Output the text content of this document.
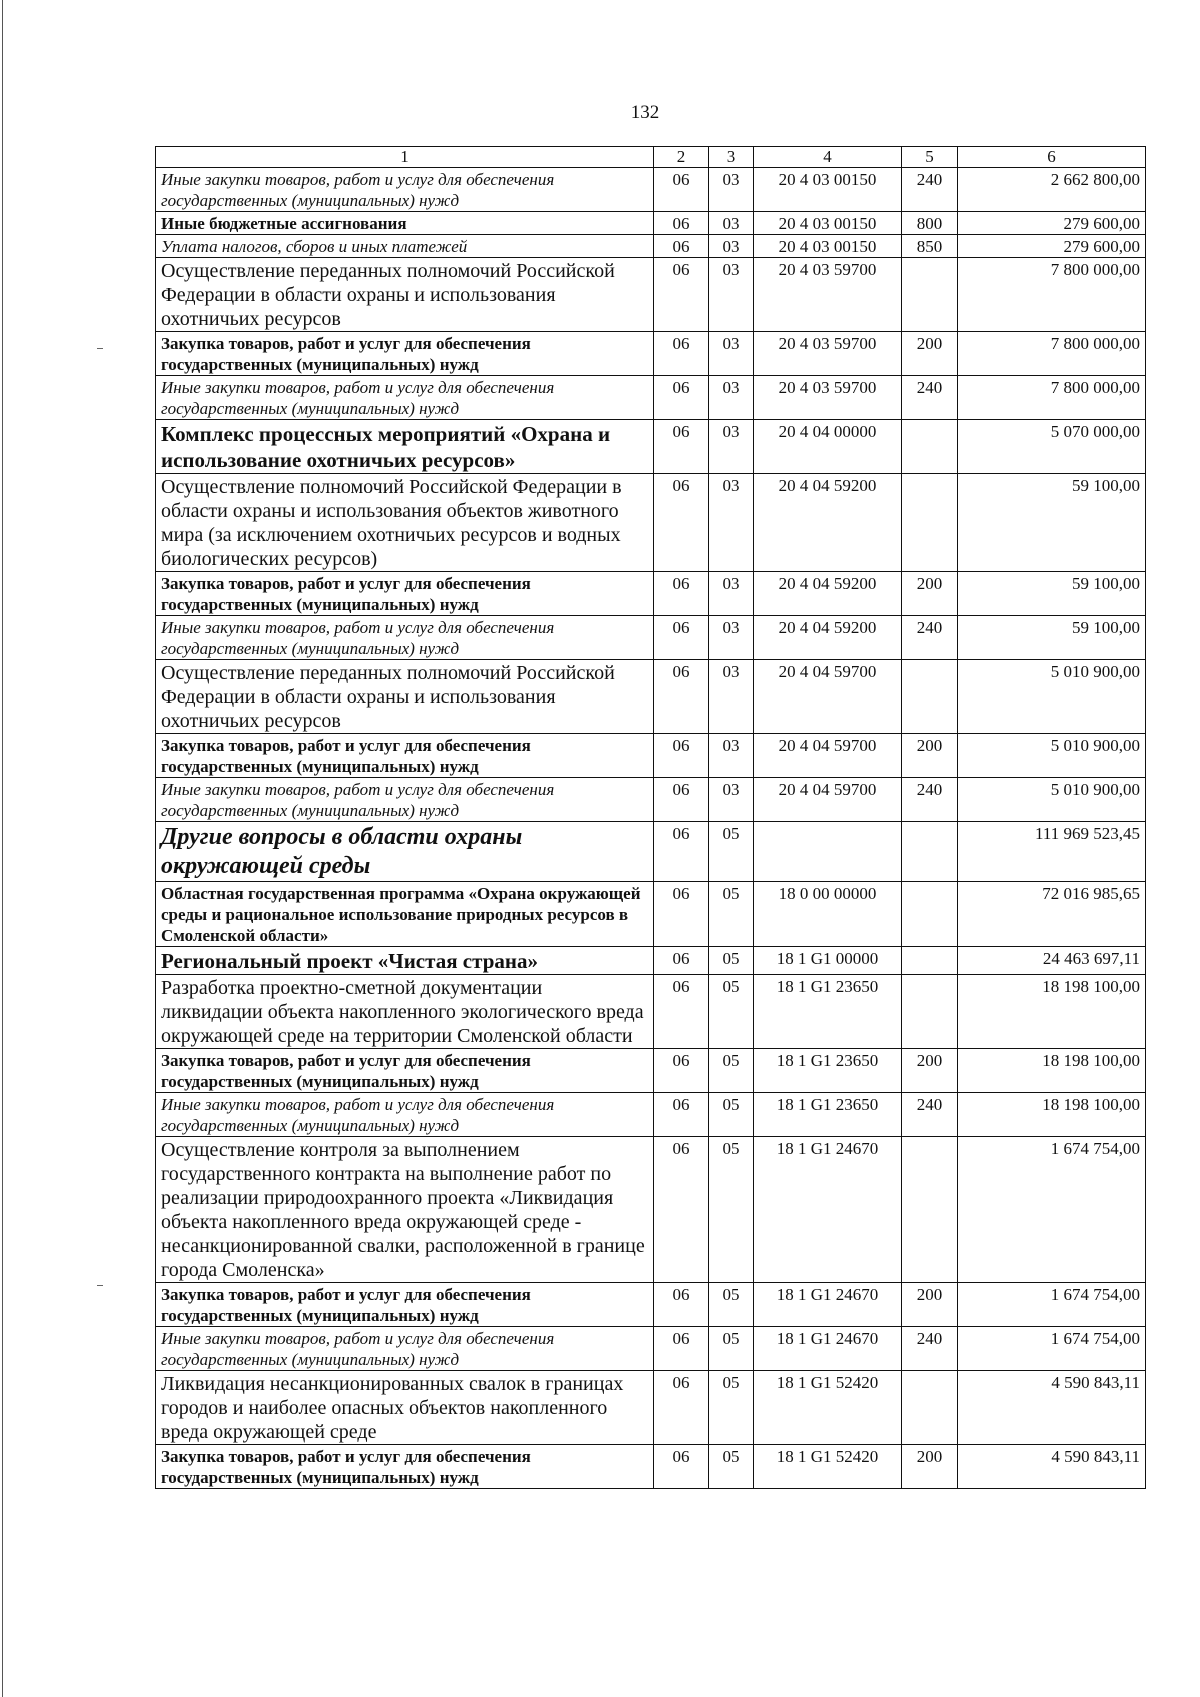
132
1	2	3	4	5	6
Иные закупки товаров, работ и услуг для обеспечения государственных (муниципальных) нужд	06	03	20 4 03 00150	240	2 662 800,00
Иные бюджетные ассигнования	06	03	20 4 03 00150	800	279 600,00
Уплата налогов, сборов и иных платежей	06	03	20 4 03 00150	850	279 600,00
Осуществление переданных полномочий Российской Федерации в области охраны и использования охотничьих ресурсов	06	03	20 4 03 59700		7 800 000,00
Закупка товаров, работ и услуг для обеспечения государственных (муниципальных) нужд	06	03	20 4 03 59700	200	7 800 000,00
Иные закупки товаров, работ и услуг для обеспечения государственных (муниципальных) нужд	06	03	20 4 03 59700	240	7 800 000,00
Комплекс процессных мероприятий «Охрана и использование охотничьих ресурсов»	06	03	20 4 04 00000		5 070 000,00
Осуществление полномочий Российской Федерации в области охраны и использования объектов животного мира (за исключением охотничьих ресурсов и водных биологических ресурсов)	06	03	20 4 04 59200		59 100,00
Закупка товаров, работ и услуг для обеспечения государственных (муниципальных) нужд	06	03	20 4 04 59200	200	59 100,00
Иные закупки товаров, работ и услуг для обеспечения государственных (муниципальных) нужд	06	03	20 4 04 59200	240	59 100,00
Осуществление переданных полномочий Российской Федерации в области охраны и использования охотничьих ресурсов	06	03	20 4 04 59700		5 010 900,00
Закупка товаров, работ и услуг для обеспечения государственных (муниципальных) нужд	06	03	20 4 04 59700	200	5 010 900,00
Иные закупки товаров, работ и услуг для обеспечения государственных (муниципальных) нужд	06	03	20 4 04 59700	240	5 010 900,00
Другие вопросы в области охраны окружающей среды	06	05			111 969 523,45
Областная государственная программа «Охрана окружающей среды и рациональное использование природных ресурсов в Смоленской области»	06	05	18 0 00 00000		72 016 985,65
Региональный проект «Чистая страна»	06	05	18 1 G1 00000		24 463 697,11
Разработка проектно-сметной документации ликвидации объекта накопленного экологического вреда окружающей среде на территории Смоленской области	06	05	18 1 G1 23650		18 198 100,00
Закупка товаров, работ и услуг для обеспечения государственных (муниципальных) нужд	06	05	18 1 G1 23650	200	18 198 100,00
Иные закупки товаров, работ и услуг для обеспечения государственных (муниципальных) нужд	06	05	18 1 G1 23650	240	18 198 100,00
Осуществление контроля за выполнением государственного контракта на выполнение работ по реализации природоохранного проекта «Ликвидация объекта накопленного вреда окружающей среде - несанкционированной свалки, расположенной в границе города Смоленска»	06	05	18 1 G1 24670		1 674 754,00
Закупка товаров, работ и услуг для обеспечения государственных (муниципальных) нужд	06	05	18 1 G1 24670	200	1 674 754,00
Иные закупки товаров, работ и услуг для обеспечения государственных (муниципальных) нужд	06	05	18 1 G1 24670	240	1 674 754,00
Ликвидация несанкционированных свалок в границах городов и наиболее опасных объектов накопленного вреда окружающей среде	06	05	18 1 G1 52420		4 590 843,11
Закупка товаров, работ и услуг для обеспечения государственных (муниципальных) нужд	06	05	18 1 G1 52420	200	4 590 843,11
